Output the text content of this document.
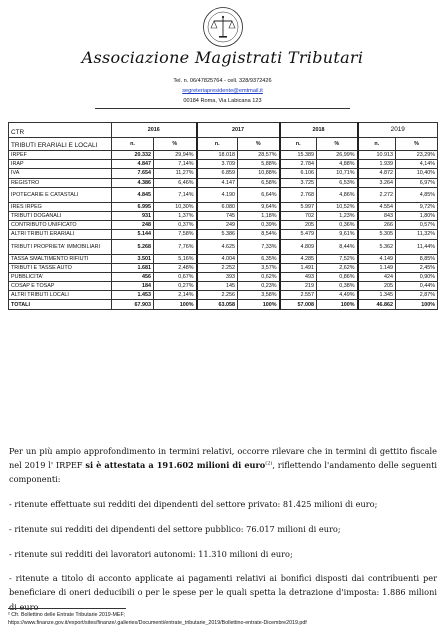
Associazione Magistrati Tributari
Tel. n. 06/47825764 - cell. 328/9372426
segreteriapresidente@emtmail.it
00184 Roma, Via Labicana 123
CTR	2016		2017		2018		2019	
TRIBUTI ERARIALI E LOCALI	n.	%	n.	%	n.	%	n.	%
IRPEF	20.332	29,94%	18.018	28,57%	15.389	26,99%	10.913	23,29%
IRAP	4.847	7,14%	3.709	5,88%	2.784	4,88%	1.939	4,14%
IVA	7.654	11,27%	6.859	10,88%	6.106	10,71%	4.872	10,40%
REGISTRO	4.386	6,46%	4.147	6,58%	3.725	6,53%	3.264	6,97%
IPOTECARIE E CATASTALI	4.845	7,14%	4.190	6,64%	2.768	4,86%	2.272	4,85%
IRES IRPEG	6.995	10,30%	6.080	9,64%	5.997	10,52%	4.554	9,72%
TRIBUTI DOGANALI	931	1,37%	745	1,18%	702	1,23%	843	1,80%
CONTRIBUTO UNIFICATO	248	0,37%	249	0,39%	205	0,36%	266	0,57%
ALTRI TRIBUTI ERARIALI	5.144	7,58%	5.386	8,54%	5.479	9,61%	5.305	11,32%
TRIBUTI PROPRIETA' IMMOBILIARI	5.268	7,76%	4.625	7,33%	4.809	8,44%	5.362	11,44%
TASSA SMALTIMENTO RIFIUTI	3.501	5,16%	4.004	6,35%	4.285	7,52%	4.149	8,85%
TRIBUTI E TASSE AUTO	1.681	2,48%	2.252	3,57%	1.491	2,62%	1.149	2,45%
PUBBLICITA'	456	0,67%	393	0,62%	493	0,86%	424	0,90%
COSAP E TOSAP	184	0,27%	145	0,23%	219	0,38%	205	0,44%
ALTRI TRIBUTI LOCALI	1.453	2,14%	2.256	3,58%	2.557	4,49%	1.345	2,87%
TOTALI	67.903	100%	63.058	100%	57.008	100%	46.862	100%

Per un più ampio approfondimento in termini relativi, occorre rilevare che in termini di gettito fiscale nel 2019 l' IRPEF si è attestata a 191.602 milioni di euro$^{(2)}$, riflettendo l'andamento delle seguenti componenti:

- ritenute effettuate sui redditi dei dipendenti del settore privato: 81.425 milioni di euro;

- ritenute sui redditi dei dipendenti del settore pubblico: 76.017 milioni di euro;

- ritenute sui redditi dei lavoratori autonomi: 11.310 milioni di euro;

- ritenute a titolo di acconto applicate ai pagamenti relativi ai bonifici disposti dai contribuenti per beneficiare di oneri deducibili o per le spese per le quali spetta la detrazione d'imposta: 1.886 milioni di euro

² Cfr. Bollettino delle Entrate Tributarie 2019-MEF;
https://www.finanze.gov.it/export/sites/finanze/.galleries/Documenti/entrate_tributarie_2019/Bollettino-entrate-Dicembre2019.pdf
